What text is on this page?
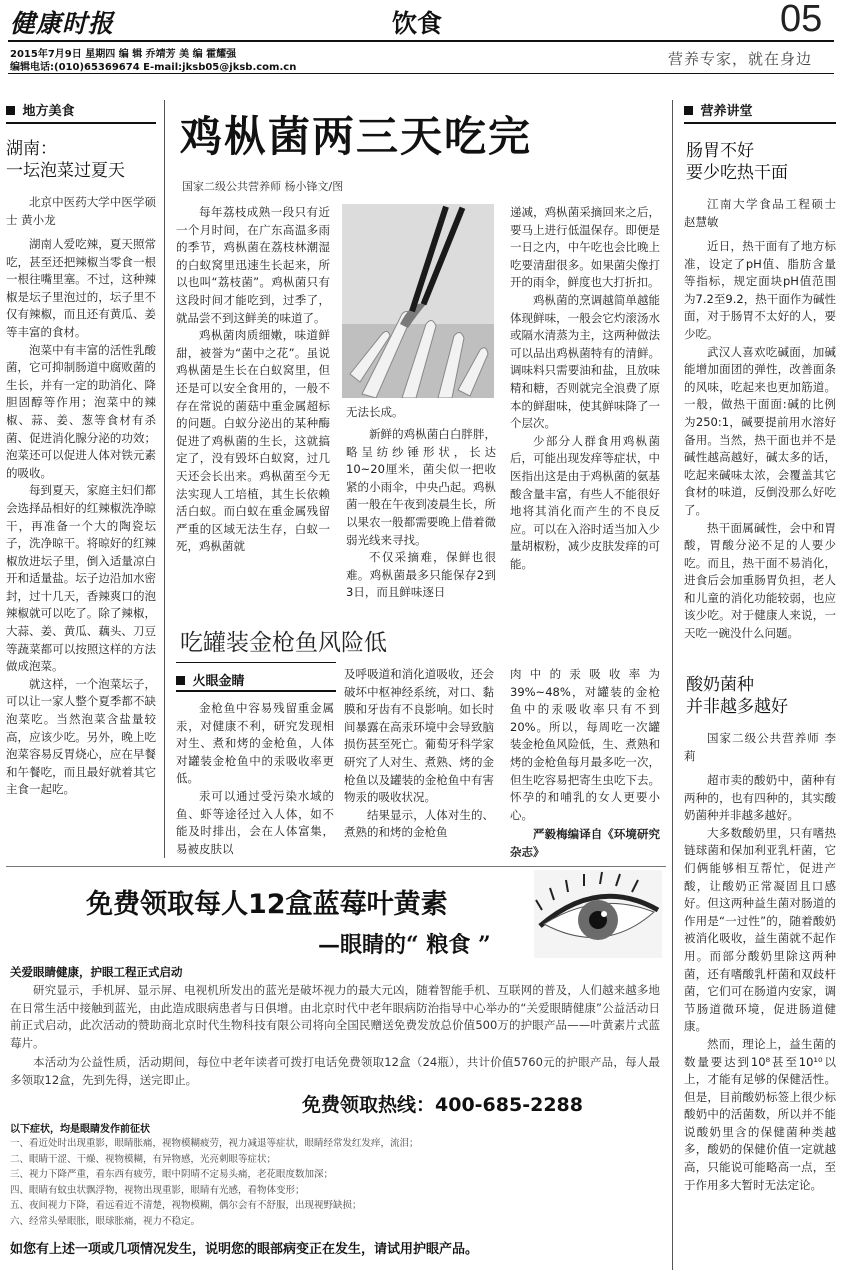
健康时报	饮食	05
2015年7月9日 星期四 编 辑 乔靖芳 美 编 霍耀强
编辑电话:(010)65369674 E-mail:jksb05@jksb.com.cn	营养专家，就在身边
地方美食
湖南：
一坛泡菜过夏天
北京中医药大学中医学硕士 黄小龙

湖南人爱吃辣，夏天照常吃，甚至还把辣椒当零食一根一根往嘴里塞。不过，这种辣椒是坛子里泡过的，坛子里不仅有辣椒，而且还有黄瓜、姜等丰富的食材。

泡菜中有丰富的活性乳酸菌，它可抑制肠道中腐败菌的生长，并有一定的助消化、降胆固醇等作用；泡菜中的辣椒、蒜、姜、葱等食材有杀菌、促进消化腺分泌的功效；泡菜还可以促进人体对铁元素的吸收。

每到夏天，家庭主妇们都会选择品相好的红辣椒洗净晾干，再准备一个大的陶瓷坛子，洗净晾干。将晾好的红辣椒放进坛子里，倒入适量凉白开和适量盐。坛子边沿加水密封，过十几天，香辣爽口的泡辣椒就可以吃了。除了辣椒，大蒜、姜、黄瓜、藕头、刀豆等蔬菜都可以按照这样的方法做成泡菜。

就这样，一个泡菜坛子，可以让一家人整个夏季都不缺泡菜吃。当然泡菜含盐量较高，应该少吃。另外，晚上吃泡菜容易反胃烧心，应在早餐和午餐吃，而且最好就着其它主食一起吃。

鸡枞菌两三天吃完
国家二级公共营养师 杨小锋文/图

每年荔枝成熟一段只有近一个月时间，在广东高温多雨的季节，鸡枞菌在荔枝林潮湿的白蚁窝里迅速生长起来，所以也叫“荔枝菌”。鸡枞菌只有这段时间才能吃到，过季了，就品尝不到这鲜美的味道了。

鸡枞菌肉质细嫩，味道鲜甜，被誉为“菌中之花”。虽说鸡枞菌是生长在白蚁窝里，但还是可以安全食用的，一般不存在常说的菌菇中重金属超标的问题。白蚁分泌出的某种酶促进了鸡枞菌的生长，这就搞定了，没有毁坏白蚁窝，过几天还会长出来。鸡枞菌至今无法实现人工培植，其生长依赖活白蚁。而白蚁在重金属残留严重的区域无法生存，白蚁一死，鸡枞菌就

无法长成。

新鲜的鸡枞菌白白胖胖，略呈纺纱锤形状，长达10~20厘米，菌尖似一把收紧的小雨伞，中央凸起。鸡枞菌一般在午夜到凌晨生长，所以果农一般都需要晚上借着微弱光线来寻找。

不仅采摘难，保鲜也很难。鸡枞菌最多只能保存2到3日，而且鲜味逐日

递减，鸡枞菌采摘回来之后，要马上进行低温保存。即便是一日之内，中午吃也会比晚上吃要清甜很多。如果菌尖像打开的雨伞，鲜度也大打折扣。

鸡枞菌的烹调越简单越能体现鲜味，一般会它灼滚汤水或隔水清蒸为主，这两种做法可以品出鸡枞菌特有的清鲜。调味料只需要油和盐，且放味精和糖，否则就完全浪费了原本的鲜甜味，使其鲜味降了一个层次。

少部分人群食用鸡枞菌后，可能出现发痒等症状，中医指出这是由于鸡枞菌的氨基酸含量丰富，有些人不能很好地将其消化而产生的不良反应。可以在入浴时适当加入少量胡椒粉，减少皮肤发痒的可能。

吃罐装金枪鱼风险低
火眼金睛

金枪鱼中容易残留重金属汞，对健康不利，研究发现相对生、煮和烤的金枪鱼，人体对罐装金枪鱼中的汞吸收率更低。

汞可以通过受污染水域的鱼、虾等途径过入人体，如不能及时排出，会在人体富集，易被皮肤以

及呼吸道和消化道吸收，还会破坏中枢神经系统，对口、黏膜和牙齿有不良影响。如长时间暴露在高汞环境中会导致脑损伤甚至死亡。葡萄牙科学家研究了人对生、煮熟、烤的金枪鱼以及罐装的金枪鱼中有害物汞的吸收状况。

结果显示，人体对生的、煮熟的和烤的金枪鱼

肉中的汞吸收率为39%~48%，对罐装的金枪鱼中的汞吸收率只有不到20%。所以，每周吃一次罐装金枪鱼风险低，生、煮熟和烤的金枪鱼每月最多吃一次，但生吃容易把寄生虫吃下去。怀孕的和哺乳的女人更要小心。

严毅梅编译自《环境研究杂志》
营养讲堂
肠胃不好
要少吃热干面
江南大学食品工程硕士 赵慧敏

近日，热干面有了地方标准，设定了pH值、脂肪含量等指标，规定面块pH值范围为7.2至9.2，热干面作为碱性面，对于肠胃不太好的人，要少吃。

武汉人喜欢吃碱面，加碱能增加面团的弹性，改善面条的风味，吃起来也更加筋道。一般，做热干面面:碱的比例为250:1，碱要提前用水溶好备用。当然，热干面也并不是碱性越高越好，碱太多的话，吃起来碱味太浓，会覆盖其它食材的味道，反倒没那么好吃了。

热干面属碱性，会中和胃酸，胃酸分泌不足的人要少吃。而且，热干面不易消化，进食后会加重肠胃负担，老人和儿童的消化功能较弱，也应该少吃。对于健康人来说，一天吃一碗没什么问题。

酸奶菌种
并非越多越好
国家二级公共营养师 李 莉

超市卖的酸奶中，菌种有两种的，也有四种的，其实酸奶菌种并非越多越好。

大多数酸奶里，只有嗜热链球菌和保加利亚乳杆菌，它们俩能够相互帮忙，促进产酸，让酸奶正常凝固且口感好。但这两种益生菌对肠道的作用是“一过性”的，随着酸奶被消化吸收，益生菌就不起作用。而部分酸奶里除这两种菌，还有嗜酸乳杆菌和双歧杆菌，它们可在肠道内安家，调节肠道微环境，促进肠道健康。

然而，理论上，益生菌的数量要达到10⁸甚至10¹⁰以上，才能有足够的保健活性。但是，目前酸奶标签上很少标酸奶中的活菌数，所以并不能说酸奶里含的保健菌种类越多，酸奶的保健价值一定就越高，只能说可能略高一点，至于作用多大暂时无法定论。

免费领取每人12盒蓝莓叶黄素
—眼睛的“ 粮食 ”
关爱眼睛健康，护眼工程正式启动
研究显示，手机屏、显示屏、电视机所发出的蓝光是破坏视力的最大元凶，随着智能手机、互联网的普及，人们越来越多地在日常生活中接触到蓝光，由此造成眼病患者与日俱增。由北京时代中老年眼病防治指导中心举办的“关爱眼睛健康”公益活动日前正式启动，此次活动的赞助商北京时代生物科技有限公司将向全国民赠送免费发放总价值500万的护眼产品——叶黄素片式蓝莓片。
本活动为公益性质，活动期间，每位中老年读者可拨打电话免费领取12盒（24瓶），共计价值5760元的护眼产品，每人最多领取12盒，先到先得，送完即止。
免费领取热线：400-685-2288
以下症状，均是眼睛发作前征状
一、看近处时出现重影，眼睛胀痛，视物模糊疲劳，视力减退等症状，眼睛经常发红发痒，流泪；
二、眼睛干涩、干燥、视物模糊，有异物感，光亮刺眼等症状；
三、视力下降严重，看东西有疲劳，眼中阴晴不定易头痛，老花眼度数加深；
四、眼睛有蚊虫状飘浮物，视物出现重影，眼睛有光感，看物体变形；
五、夜间视力下降，看远看近不清楚，视物模糊，偶尔会有不舒服，出现视野缺损；
六、经常头晕眼胀，眼球胀痛，视力不稳定。
如您有上述一项或几项情况发生，说明您的眼部病变正在发生，请试用护眼产品。
